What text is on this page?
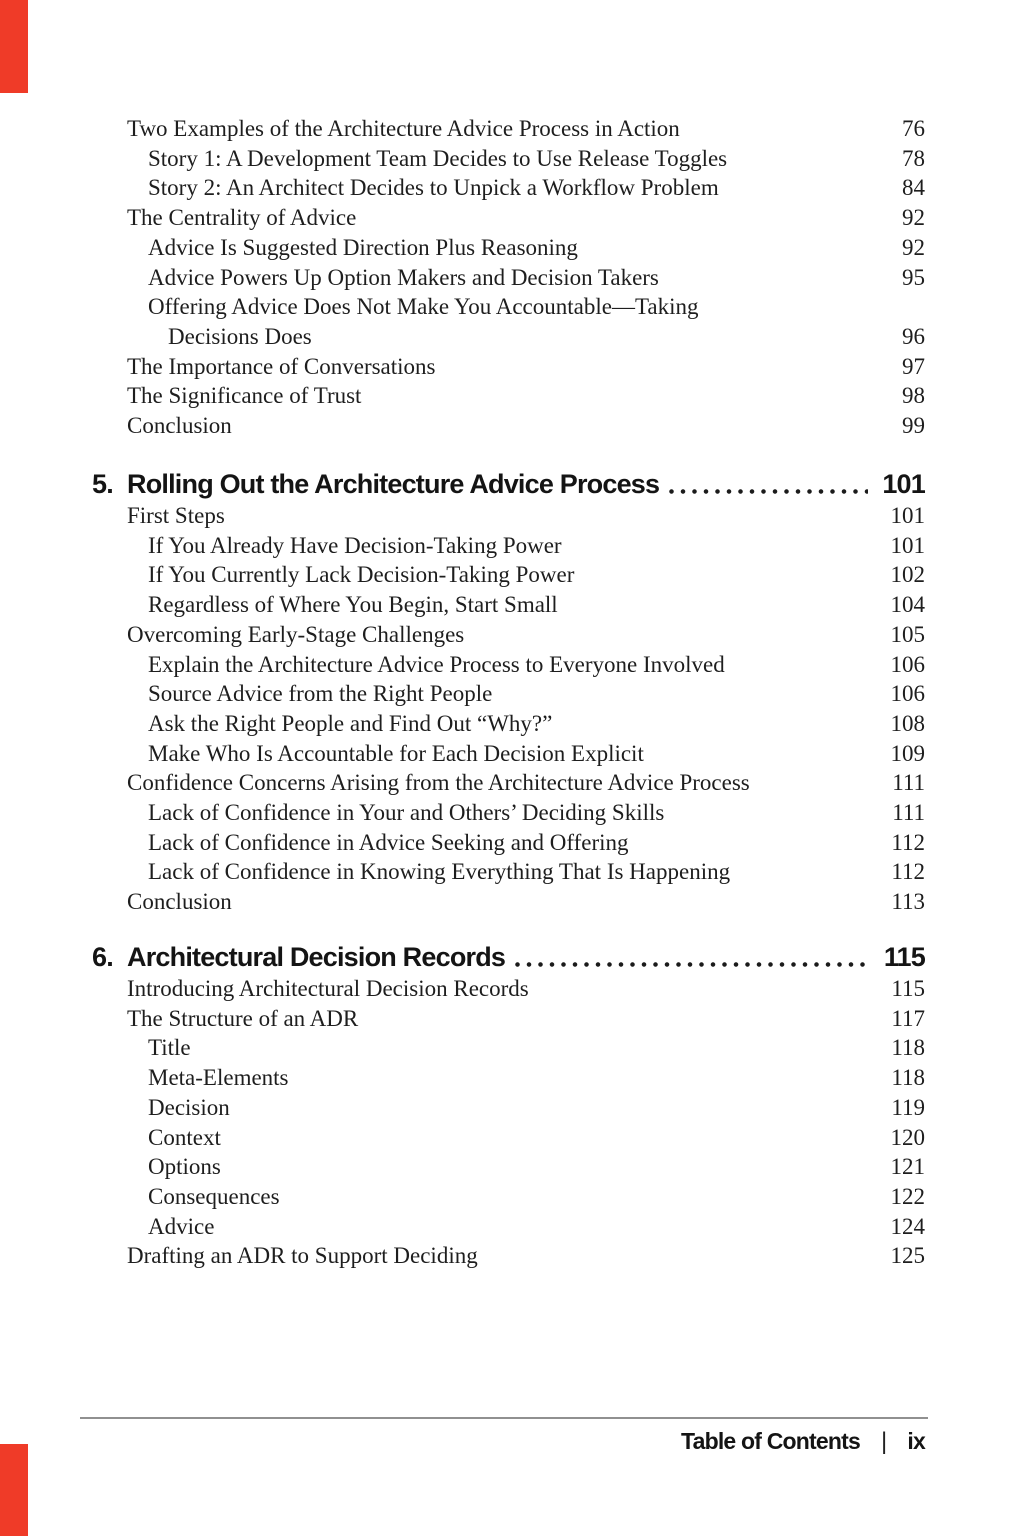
Two Examples of the Architecture Advice Process in Action	76
Story 1: A Development Team Decides to Use Release Toggles	78
Story 2: An Architect Decides to Unpick a Workflow Problem	84
The Centrality of Advice	92
Advice Is Suggested Direction Plus Reasoning	92
Advice Powers Up Option Makers and Decision Takers	95
Offering Advice Does Not Make You Accountable—Taking
Decisions Does	96
The Importance of Conversations	97
The Significance of Trust	98
Conclusion	99
5. Rolling Out the Architecture Advice Process	101
First Steps	101
If You Already Have Decision-Taking Power	101
If You Currently Lack Decision-Taking Power	102
Regardless of Where You Begin, Start Small	104
Overcoming Early-Stage Challenges	105
Explain the Architecture Advice Process to Everyone Involved	106
Source Advice from the Right People	106
Ask the Right People and Find Out “Why?”	108
Make Who Is Accountable for Each Decision Explicit	109
Confidence Concerns Arising from the Architecture Advice Process	111
Lack of Confidence in Your and Others’ Deciding Skills	111
Lack of Confidence in Advice Seeking and Offering	112
Lack of Confidence in Knowing Everything That Is Happening	112
Conclusion	113
6. Architectural Decision Records	115
Introducing Architectural Decision Records	115
The Structure of an ADR	117
Title	118
Meta-Elements	118
Decision	119
Context	120
Options	121
Consequences	122
Advice	124
Drafting an ADR to Support Deciding	125
Table of Contents | ix
